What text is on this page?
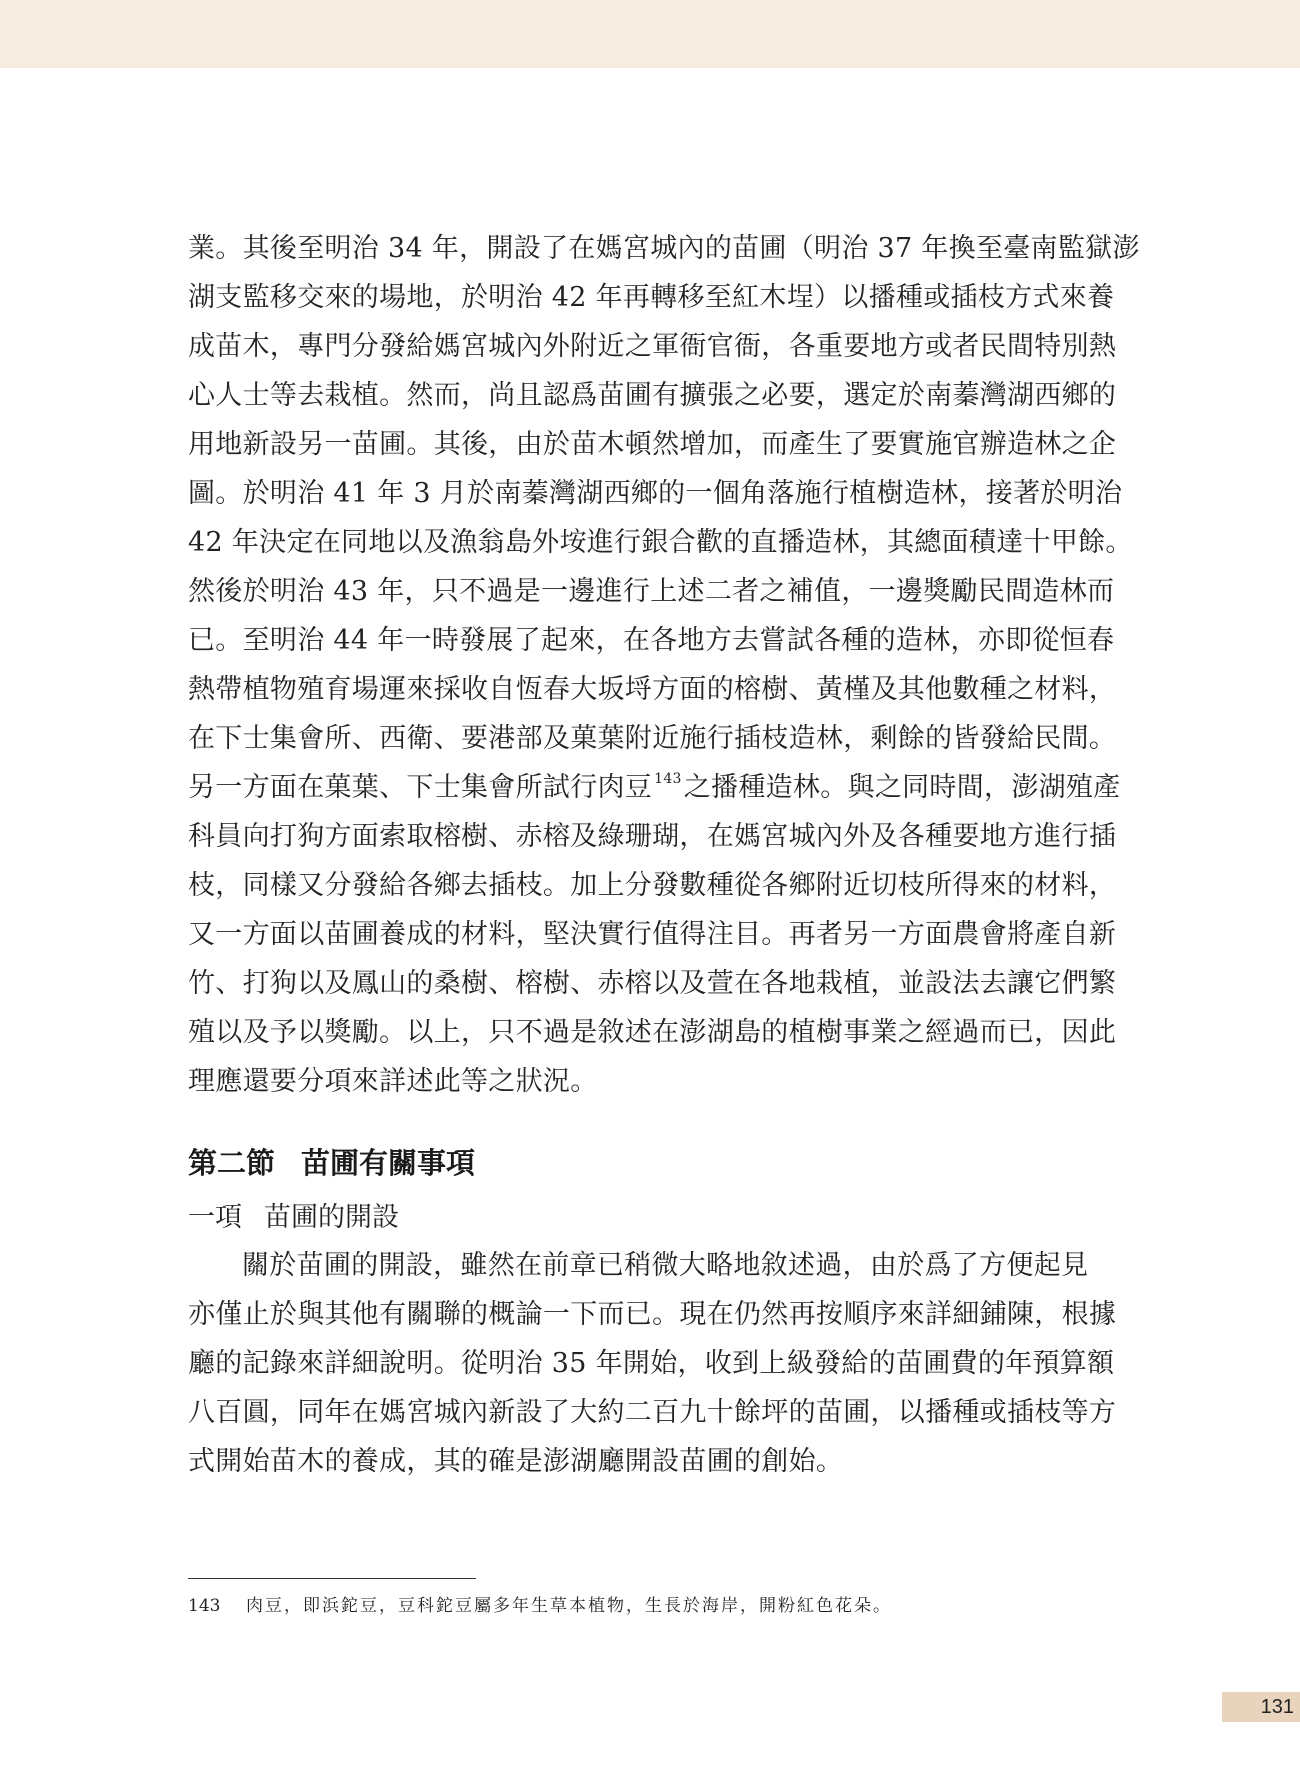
業。其後至明治 34 年，開設了在媽宮城內的苗圃（明治 37 年換至臺南監獄澎
湖支監移交來的場地，於明治 42 年再轉移至紅木埕）以播種或插枝方式來養
成苗木，專門分發給媽宮城內外附近之軍衙官衙，各重要地方或者民間特別熱
心人士等去栽植。然而，尚且認爲苗圃有擴張之必要，選定於南蓁灣湖西鄉的
用地新設另一苗圃。其後，由於苗木頓然增加，而產生了要實施官辦造林之企
圖。於明治 41 年 3 月於南蓁灣湖西鄉的一個角落施行植樹造林，接著於明治
42 年決定在同地以及漁翁島外垵進行銀合歡的直播造林，其總面積達十甲餘。
然後於明治 43 年，只不過是一邊進行上述二者之補值，一邊獎勵民間造林而
已。至明治 44 年一時發展了起來，在各地方去嘗試各種的造林，亦即從恒春
熱帶植物殖育場運來採收自恆春大坂埒方面的榕樹、黃槿及其他數種之材料，
在下士集會所、西衛、要港部及菓葉附近施行插枝造林，剩餘的皆發給民間。
另一方面在菓葉、下士集會所試行肉豆 $^{143}$之播種造林。與之同時間，澎湖殖產
科員向打狗方面索取榕樹、赤榕及綠珊瑚，在媽宮城內外及各種要地方進行插
枝，同樣又分發給各鄉去插枝。加上分發數種從各鄉附近切枝所得來的材料，
又一方面以苗圃養成的材料，堅決實行值得注目。再者另一方面農會將產自新
竹、打狗以及鳳山的桑樹、榕樹、赤榕以及萱在各地栽植，並設法去讓它們繁
殖以及予以獎勵。以上，只不過是敘述在澎湖島的植樹事業之經過而已，因此
理應還要分項來詳述此等之狀況。
第二節 苗圃有關事項
一項 苗圃的開設
關於苗圃的開設，雖然在前章已稍微大略地敘述過，由於爲了方便起見
亦僅止於與其他有關聯的概論一下而已。現在仍然再按順序來詳細鋪陳，根據
廳的記錄來詳細說明。從明治 35 年開始，收到上級發給的苗圃費的年預算額
八百圓，同年在媽宮城內新設了大約二百九十餘坪的苗圃，以播種或插枝等方
式開始苗木的養成，其的確是澎湖廳開設苗圃的創始。
143 肉豆，即浜鉈豆，豆科鉈豆屬多年生草本植物，生長於海岸，開粉紅色花朵。
131
